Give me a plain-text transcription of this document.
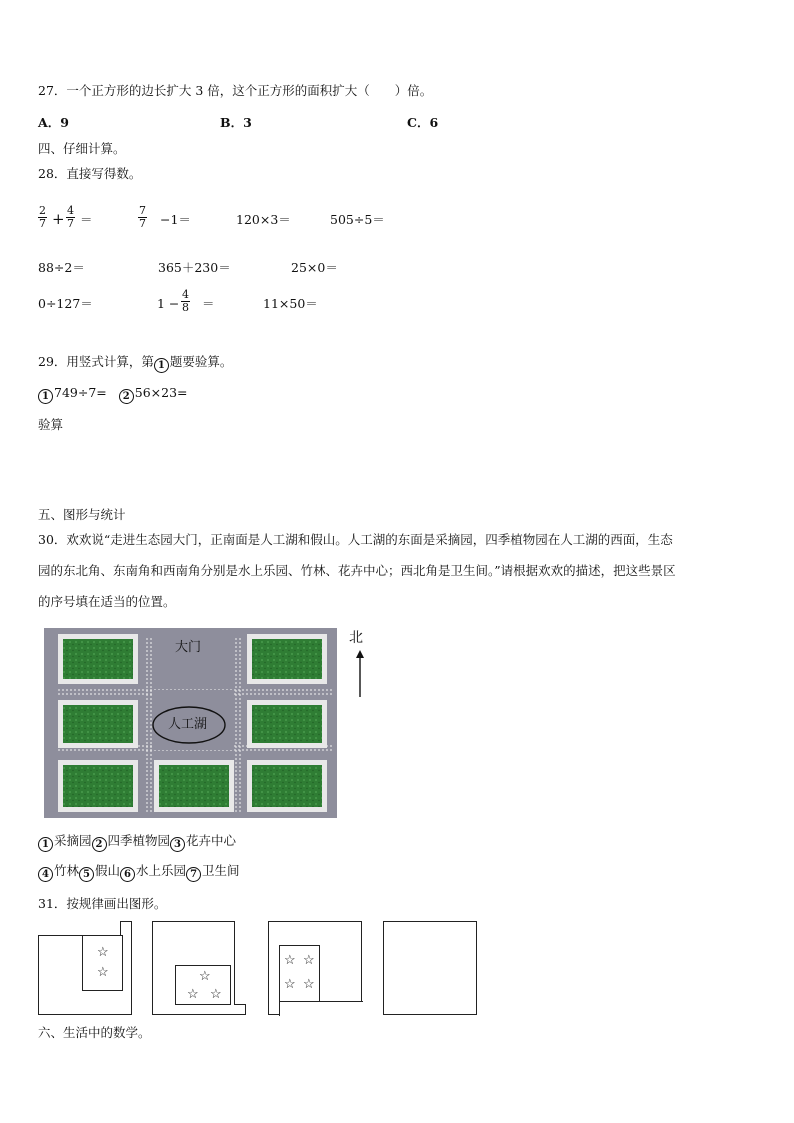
27．一个正方形的边长扩大 3 倍，这个正方形的面积扩大（　　）倍。
A．9	B．3	C．6
四、仔细计算。
28．直接写得数。
$\frac{2}{7} + \frac{4}{7}$ ＝	$\frac{7}{7} -1=$	120×3＝	505÷5＝
88÷2＝	365＋230＝	25×0＝
0÷127＝	$1 - \frac{4}{8}$ ＝	11×50＝
29．用竖式计算，第 1 题要验算。
1 749÷7= 2 56×23=
验算
五、图形与统计
30．欢欢说“走进生态园大门，正南面是人工湖和假山。人工湖的东面是采摘园，四季植物园在人工湖的西面，生态
园的东北角、东南角和西南角分别是水上乐园、竹林、花卉中心；西北角是卫生间。”请根据欢欢的描述，把这些景区
的序号填在适当的位置。
大门
人工湖
北
1 采摘园 2 四季植物园 3 花卉中心
4 竹林 5 假山 6 水上乐园 7 卫生间
31．按规律画出图形。
☆
☆	☆
☆ ☆
☆ ☆
☆ ☆
六、生活中的数学。
